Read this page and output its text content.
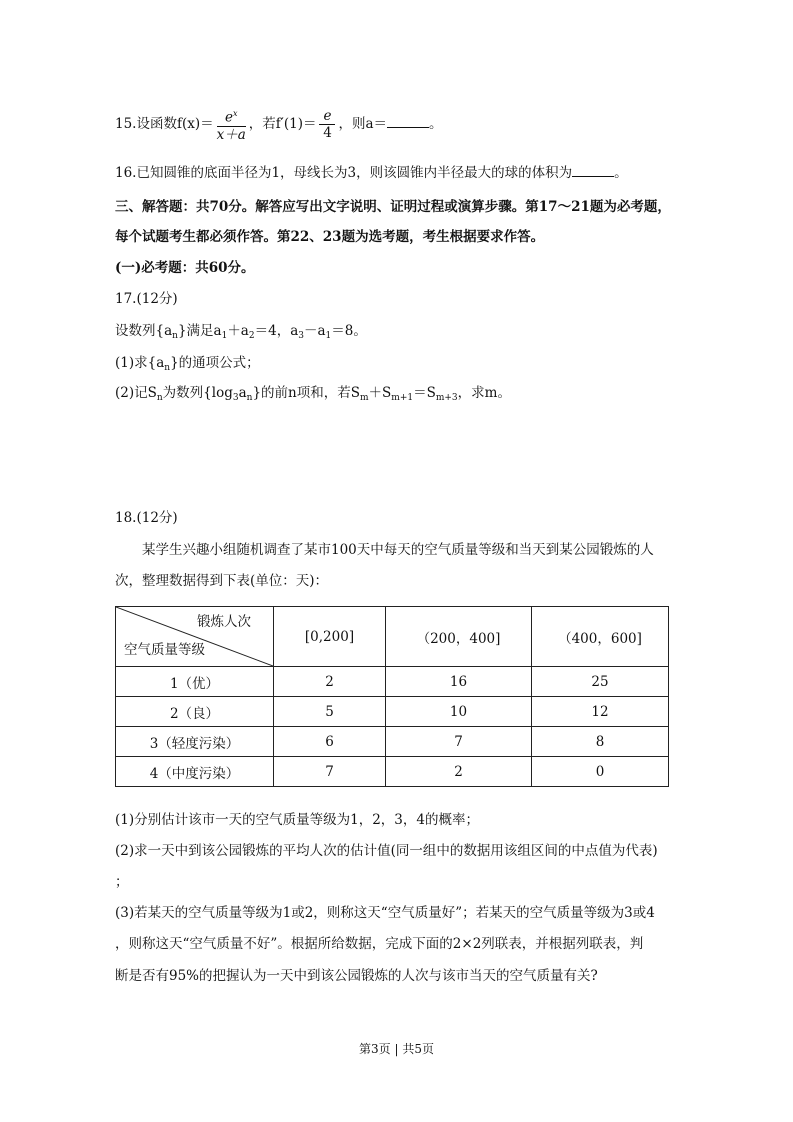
15.设函数$f(x)= \frac{e^x}{x+a}$ ，若$f'(1)= \frac{e}{4}$ ，则a＝	。
16.已知圆锥的底面半径为1，母线长为3，则该圆锥内半径最大的球的体积为	。
三、解答题：共70分。解答应写出文字说明、证明过程或演算步骤。第17～21题为必考题，
每个试题考生都必须作答。第22、23题为选考题，考生根据要求作答。
(一)必考题：共60分。
17.(12分)
设数列$\{a_n\}$满足$a_1+a_2=4$，$a_3-a_1=8$。
(1)求$\{a_n\}$的通项公式；
(2)记$S_n$为数列$\{\log_3a_n\}$的前n项和，若$S_m+S_{m+1}=S_{m+3}$，求m。
18.(12分)
某学生兴趣小组随机调查了某市100天中每天的空气质量等级和当天到某公园锻炼的人
次，整理数据得到下表(单位：天)：
锻炼人次
空气质量等级	[0,200]	（200，400]	（400，600]
1（优）	2	16	25
2（良）	5	10	12
3（轻度污染）	6	7	8
4（中度污染）	7	2	0
(1)分别估计该市一天的空气质量等级为1，2，3，4的概率；
(2)求一天中到该公园锻炼的平均人次的估计值(同一组中的数据用该组区间的中点值为代表)
；
(3)若某天的空气质量等级为1或2，则称这天“空气质量好”；若某天的空气质量等级为3或4
，则称这天“空气质量不好”。根据所给数据，完成下面的2×2列联表，并根据列联表，判
断是否有95%的把握认为一天中到该公园锻炼的人次与该市当天的空气质量有关?
第3页 | 共5页
